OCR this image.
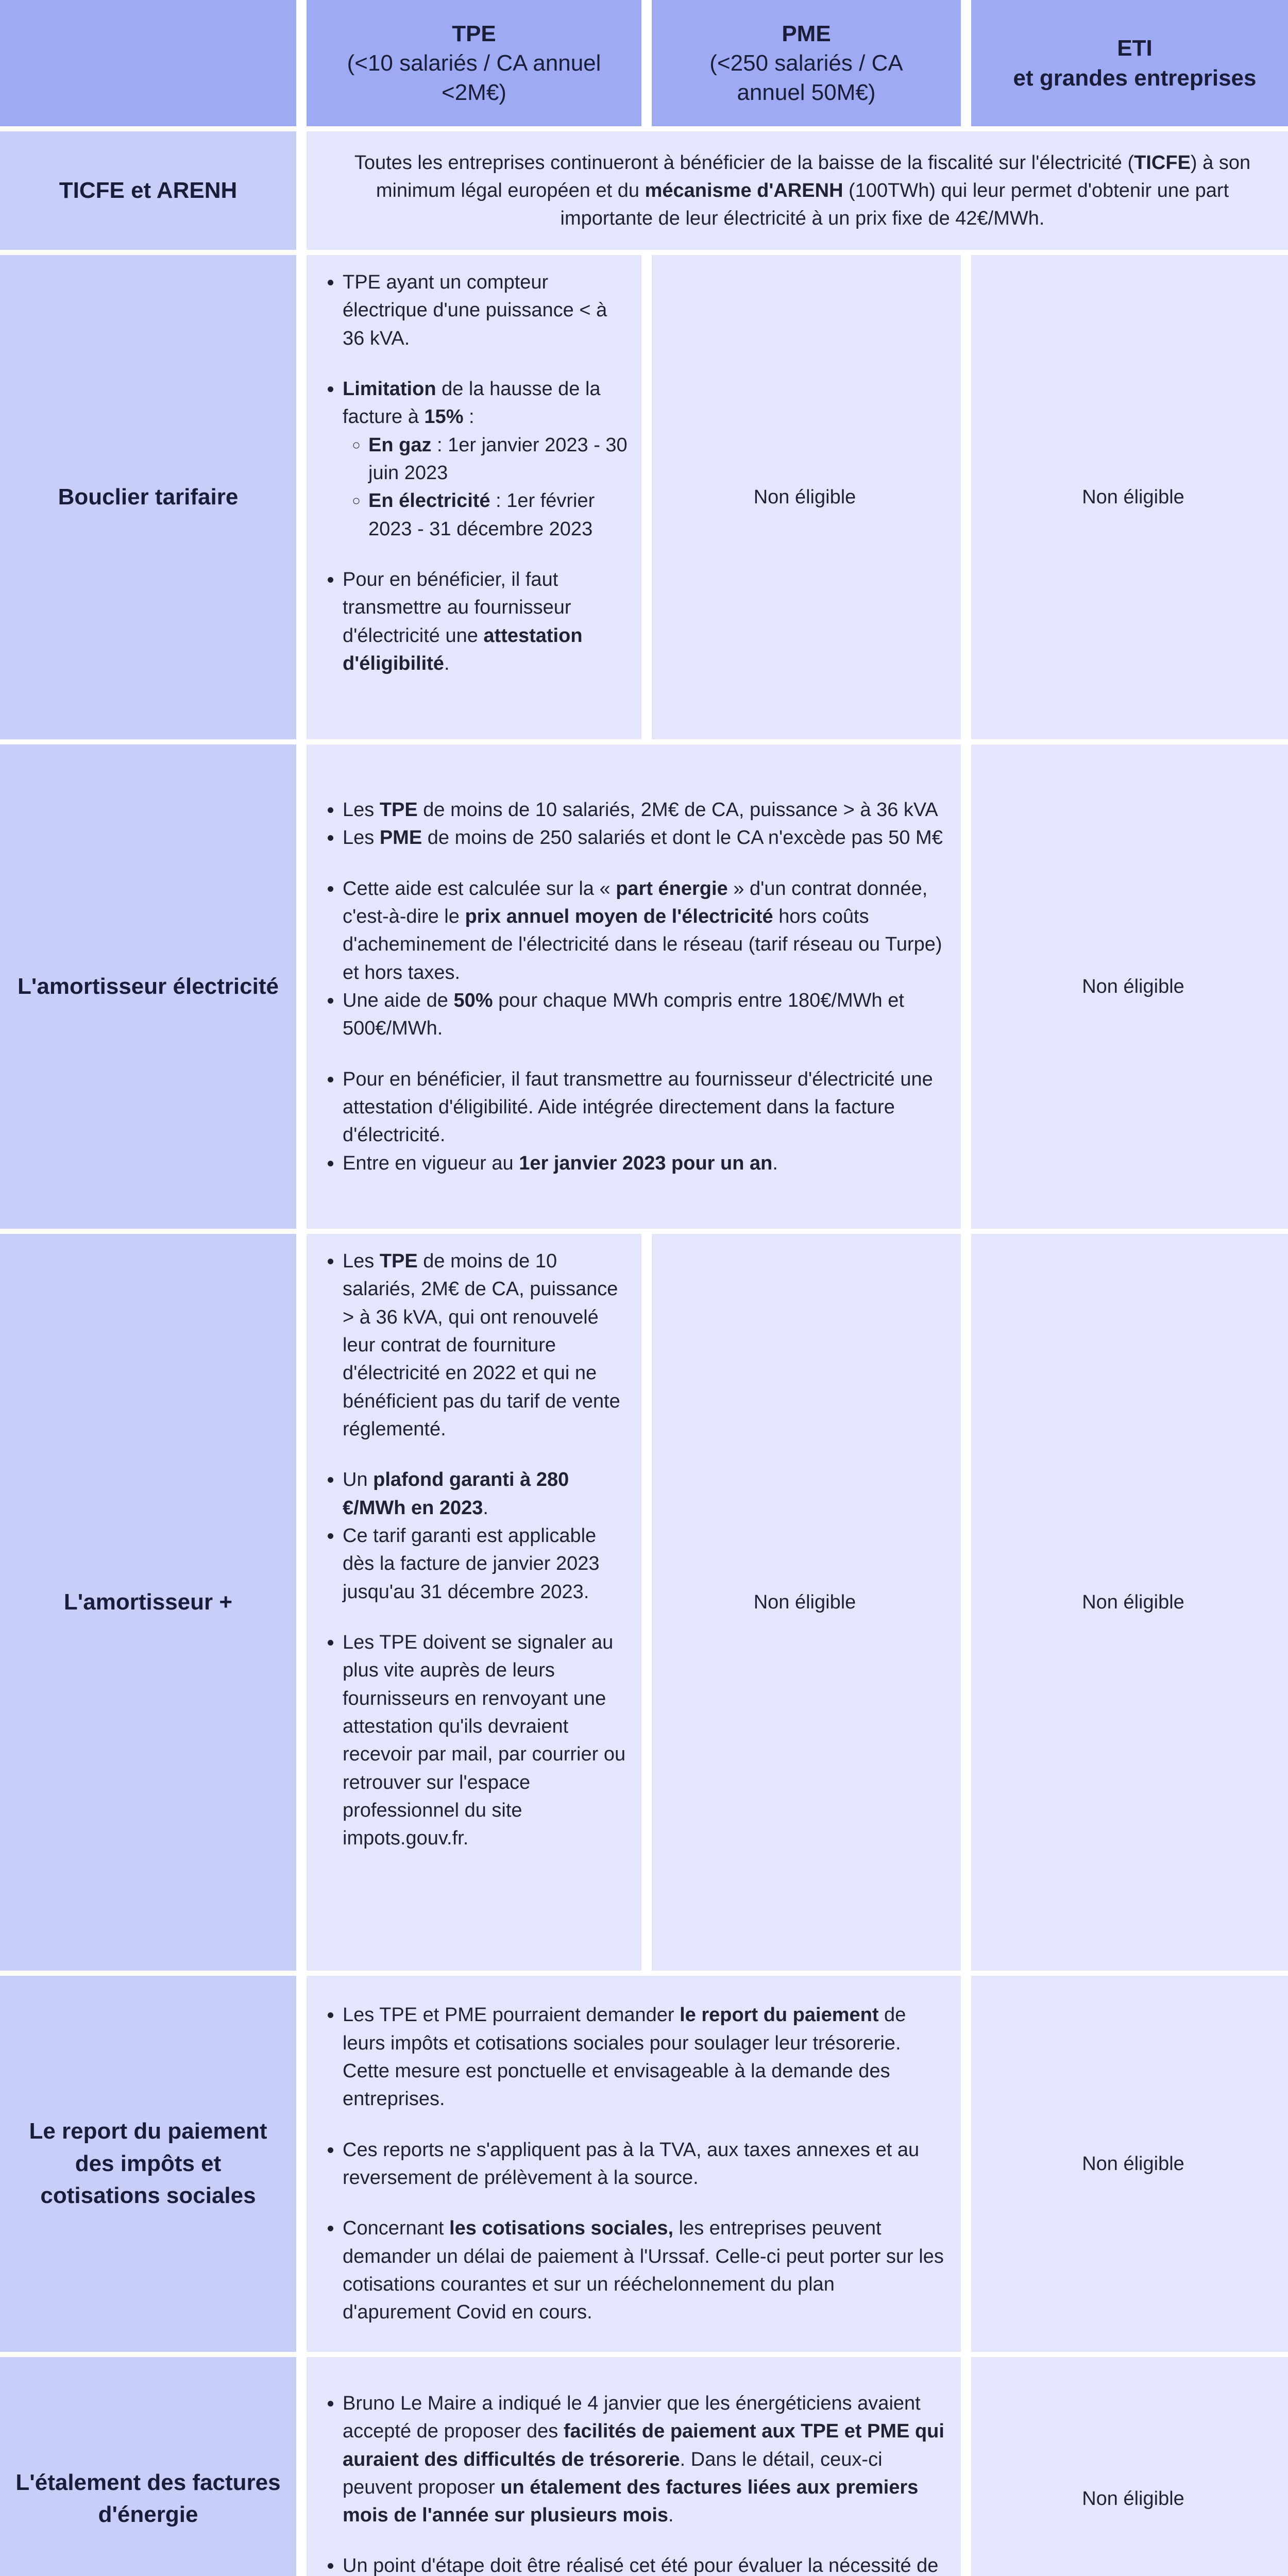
TPE
(<10 salariés / CA annuel
<2M€)
PME
(<250 salariés / CA
annuel 50M€)
ETI
et grandes entreprises
TICFE et ARENH
Toutes les entreprises continueront à bénéficier de la baisse de la fiscalité sur l'électricité (TICFE) à son minimum légal européen et du mécanisme d'ARENH (100TWh) qui leur permet d'obtenir une part importante de leur électricité à un prix fixe de 42€/MWh.
Bouclier tarifaire
• TPE ayant un compteur électrique d'une puissance < à 36 kVA.
• Limitation de la hausse de la facture à 15% :
◦ En gaz : 1er janvier 2023 - 30 juin 2023
◦ En électricité : 1er février 2023 - 31 décembre 2023
• Pour en bénéficier, il faut transmettre au fournisseur d'électricité une attestation d'éligibilité.
Non éligible	Non éligible
L'amortisseur électricité
• Les TPE de moins de 10 salariés, 2M€ de CA, puissance > à 36 kVA
• Les PME de moins de 250 salariés et dont le CA n'excède pas 50 M€
• Cette aide est calculée sur la « part énergie » d'un contrat donnée, c'est-à-dire le prix annuel moyen de l'électricité hors coûts d'acheminement de l'électricité dans le réseau (tarif réseau ou Turpe) et hors taxes.
• Une aide de 50% pour chaque MWh compris entre 180€/MWh et 500€/MWh.
• Pour en bénéficier, il faut transmettre au fournisseur d'électricité une attestation d'éligibilité. Aide intégrée directement dans la facture d'électricité.
• Entre en vigueur au 1er janvier 2023 pour un an.
Non éligible
L'amortisseur +
• Les TPE de moins de 10 salariés, 2M€ de CA, puissance > à 36 kVA, qui ont renouvelé leur contrat de fourniture d'électricité en 2022 et qui ne bénéficient pas du tarif de vente réglementé.
• Un plafond garanti à 280 €/MWh en 2023.
• Ce tarif garanti est applicable dès la facture de janvier 2023 jusqu'au 31 décembre 2023.
• Les TPE doivent se signaler au plus vite auprès de leurs fournisseurs en renvoyant une attestation qu'ils devraient recevoir par mail, par courrier ou retrouver sur l'espace professionnel du site impots.gouv.fr.
Non éligible	Non éligible
Le report du paiement des impôts et cotisations sociales
• Les TPE et PME pourraient demander le report du paiement de leurs impôts et cotisations sociales pour soulager leur trésorerie. Cette mesure est ponctuelle et envisageable à la demande des entreprises.
• Ces reports ne s'appliquent pas à la TVA, aux taxes annexes et au reversement de prélèvement à la source.
• Concernant les cotisations sociales, les entreprises peuvent demander un délai de paiement à l'Urssaf. Celle-ci peut porter sur les cotisations courantes et sur un rééchelonnement du plan d'apurement Covid en cours.
Non éligible
L'étalement des factures d'énergie
• Bruno Le Maire a indiqué le 4 janvier que les énergéticiens avaient accepté de proposer des facilités de paiement aux TPE et PME qui auraient des difficultés de trésorerie. Dans le détail, ceux-ci peuvent proposer un étalement des factures liées aux premiers mois de l'année sur plusieurs mois.
• Un point d'étape doit être réalisé cet été pour évaluer la nécessité de
Non éligible
